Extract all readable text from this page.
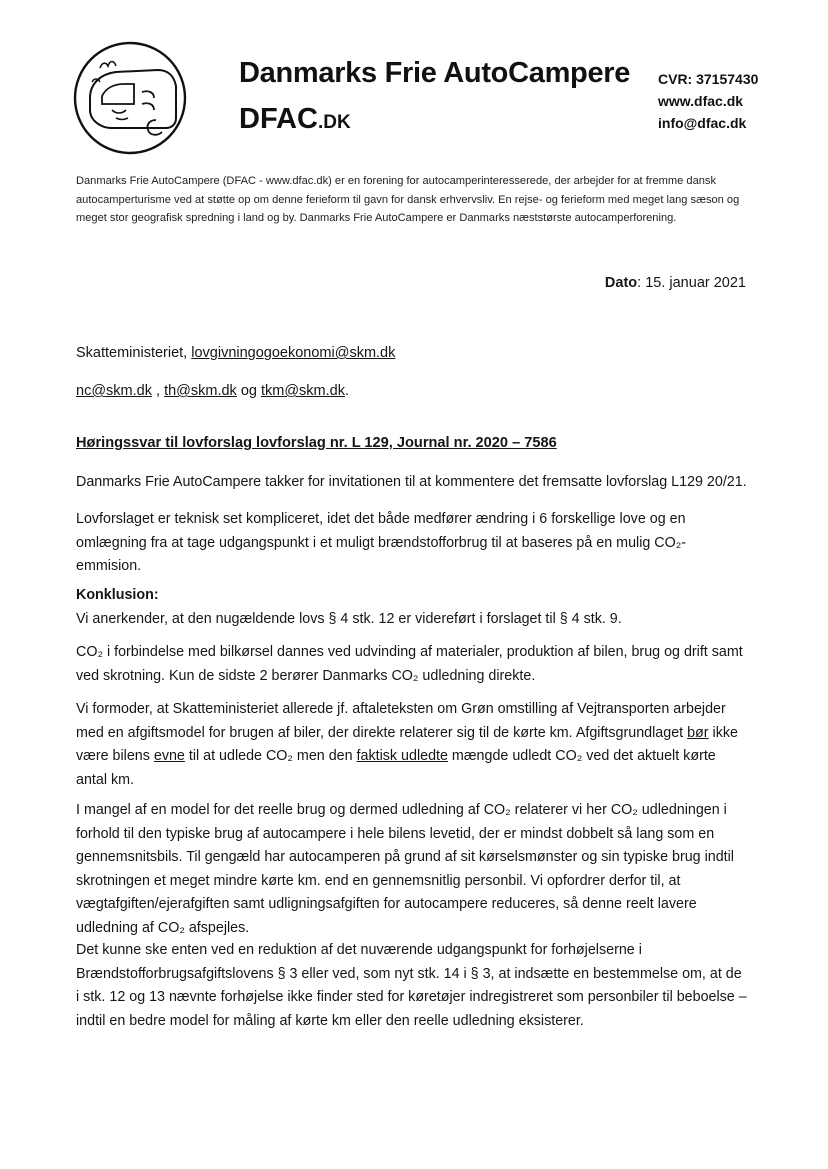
Danmarks Frie AutoCampere
DFAC.DK
CVR: 37157430
www.dfac.dk
info@dfac.dk
Danmarks Frie AutoCampere (DFAC - www.dfac.dk) er en forening for autocamperinteresserede, der arbejder for at fremme dansk autocamperturisme ved at støtte op om denne ferieform til gavn for dansk erhvervsliv. En rejse- og ferieform med meget lang sæson og meget stor geografisk spredning i land og by. Danmarks Frie AutoCampere er Danmarks næststørste autocamperforening.
Dato: 15. januar 2021
Skatteministeriet, lovgivningogoekonomi@skm.dk
nc@skm.dk , th@skm.dk og tkm@skm.dk.
Høringssvar til lovforslag lovforslag nr. L 129, Journal nr. 2020 – 7586

Danmarks Frie AutoCampere takker for invitationen til at kommentere det fremsatte lovforslag L129 20/21.

Lovforslaget er teknisk set kompliceret, idet det både medfører ændring i 6 forskellige love og en omlægning fra at tage udgangspunkt i et muligt brændstofforbrug til at baseres på en mulig CO₂-emmision.

Konklusion:
Vi anerkender, at den nugældende lovs § 4 stk. 12 er videreført i forslaget til § 4 stk. 9.

CO₂ i forbindelse med bilkørsel dannes ved udvinding af materialer, produktion af bilen, brug og drift samt ved skrotning. Kun de sidste 2 berører Danmarks CO₂ udledning direkte.

Vi formoder, at Skatteministeriet allerede jf. aftaleteksten om Grøn omstilling af Vejtransporten arbejder med en afgiftsmodel for brugen af biler, der direkte relaterer sig til de kørte km. Afgiftsgrundlaget bør ikke være bilens evne til at udlede CO₂ men den faktisk udledte mængde udledt CO₂ ved det aktuelt kørte antal km.

I mangel af en model for det reelle brug og dermed udledning af CO₂ relaterer vi her CO₂ udledningen i forhold til den typiske brug af autocampere i hele bilens levetid, der er mindst dobbelt så lang som en gennemsnitsbils. Til gengæld har autocamperen på grund af sit kørselsmønster og sin typiske brug indtil skrotningen et meget mindre kørte km. end en gennemsnitlig personbil. Vi opfordrer derfor til, at vægtafgiften/ejerafgiften samt udligningsafgiften for autocampere reduceres, så denne reelt lavere udledning af CO₂ afspejles.

Det kunne ske enten ved en reduktion af det nuværende udgangspunkt for forhøjelserne i Brændstofforbrugsafgiftslovens § 3 eller ved, som nyt stk. 14 i § 3, at indsætte en bestemmelse om, at de i stk. 12 og 13 nævnte forhøjelse ikke finder sted for køretøjer indregistreret som personbiler til beboelse – indtil en bedre model for måling af kørte km eller den reelle udledning eksisterer.
